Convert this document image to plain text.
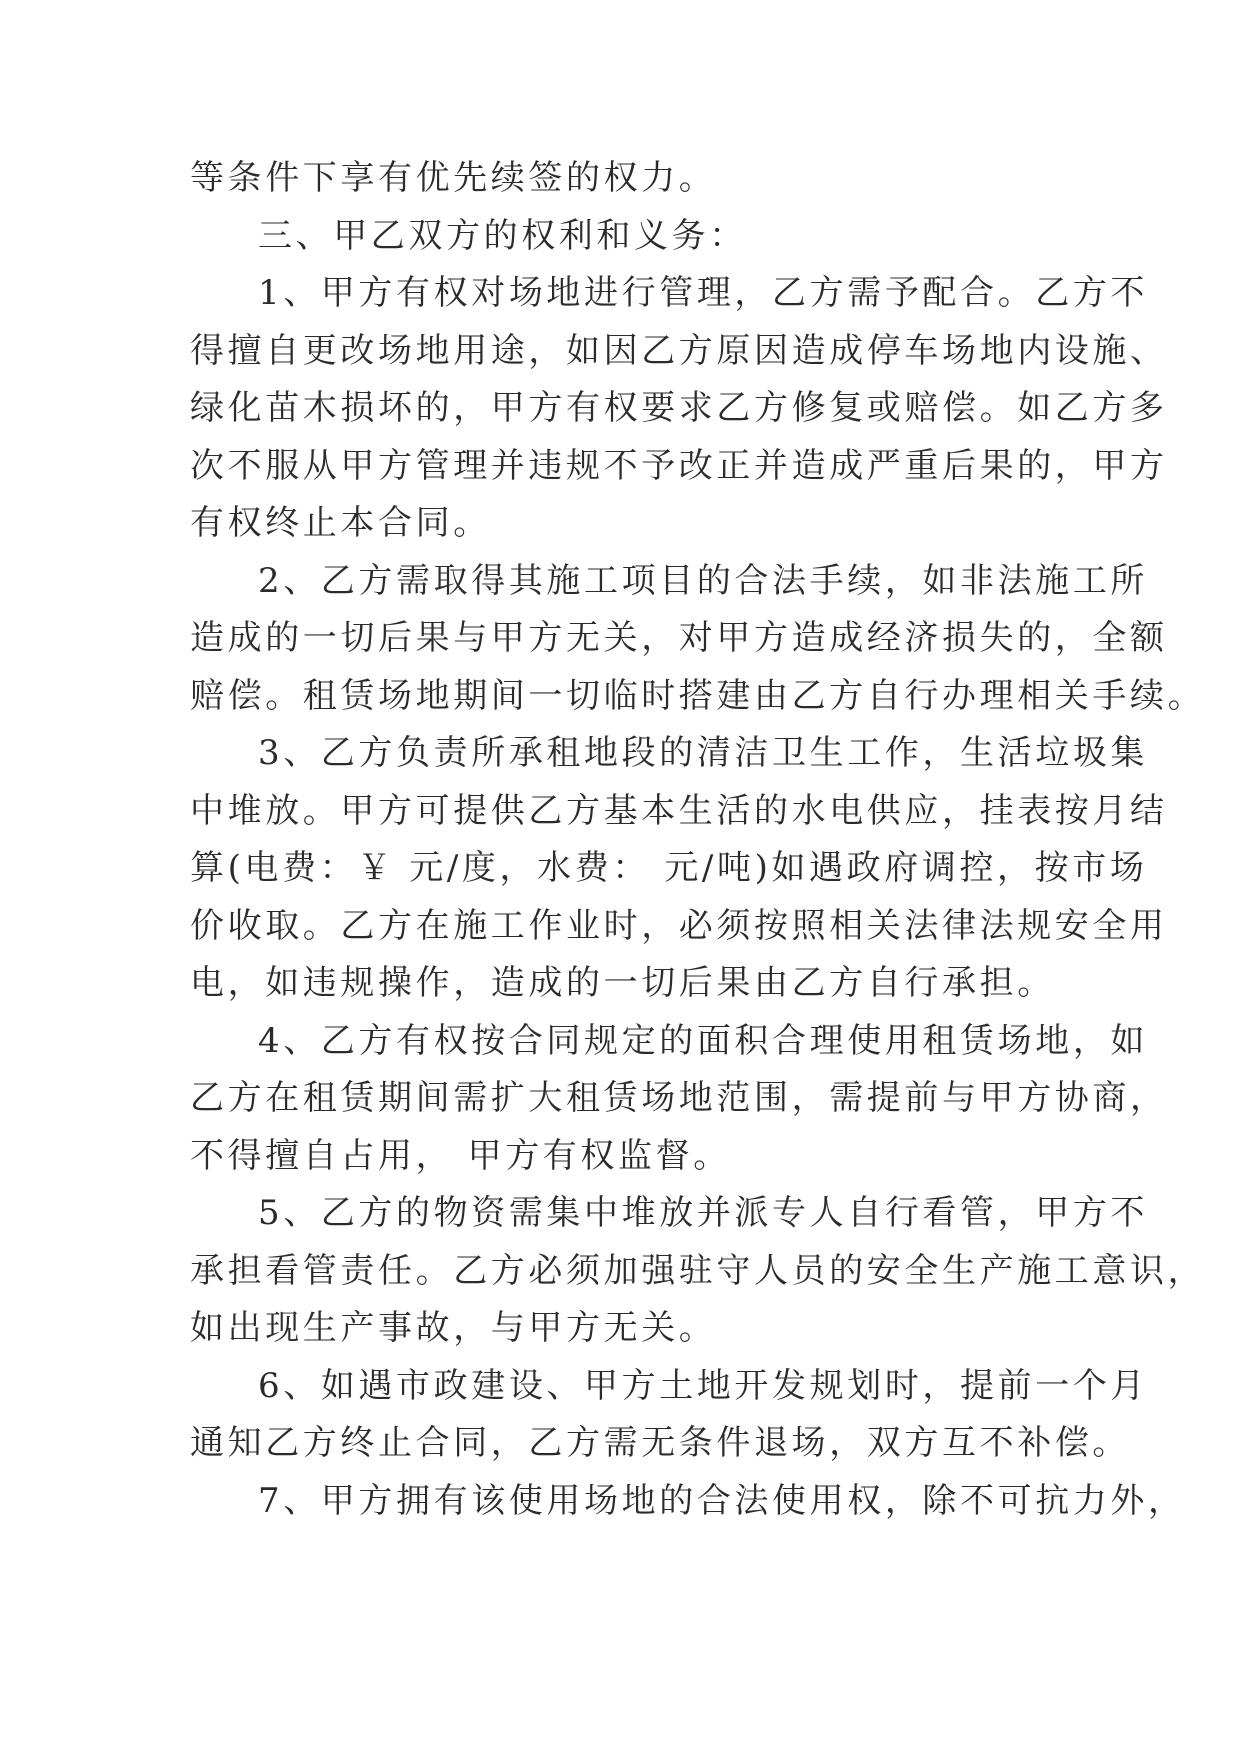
等条件下享有优先续签的权力。

三、甲乙双方的权利和义务：

1、甲方有权对场地进行管理，乙方需予配合。乙方不
得擅自更改场地用途，如因乙方原因造成停车场地内设施、
绿化苗木损坏的，甲方有权要求乙方修复或赔偿。如乙方多
次不服从甲方管理并违规不予改正并造成严重后果的，甲方
有权终止本合同。

2、乙方需取得其施工项目的合法手续，如非法施工所
造成的一切后果与甲方无关，对甲方造成经济损失的，全额
赔偿。租赁场地期间一切临时搭建由乙方自行办理相关手续。

3、乙方负责所承租地段的清洁卫生工作，生活垃圾集
中堆放。甲方可提供乙方基本生活的水电供应，挂表按月结
算(电费：￥ 元/度，水费： 元/吨)如遇政府调控，按市场
价收取。乙方在施工作业时，必须按照相关法律法规安全用
电，如违规操作，造成的一切后果由乙方自行承担。

4、乙方有权按合同规定的面积合理使用租赁场地，如
乙方在租赁期间需扩大租赁场地范围，需提前与甲方协商，
不得擅自占用， 甲方有权监督。

5、乙方的物资需集中堆放并派专人自行看管，甲方不
承担看管责任。乙方必须加强驻守人员的安全生产施工意识，
如出现生产事故，与甲方无关。

6、如遇市政建设、甲方土地开发规划时，提前一个月
通知乙方终止合同，乙方需无条件退场，双方互不补偿。

7、甲方拥有该使用场地的合法使用权，除不可抗力外，
